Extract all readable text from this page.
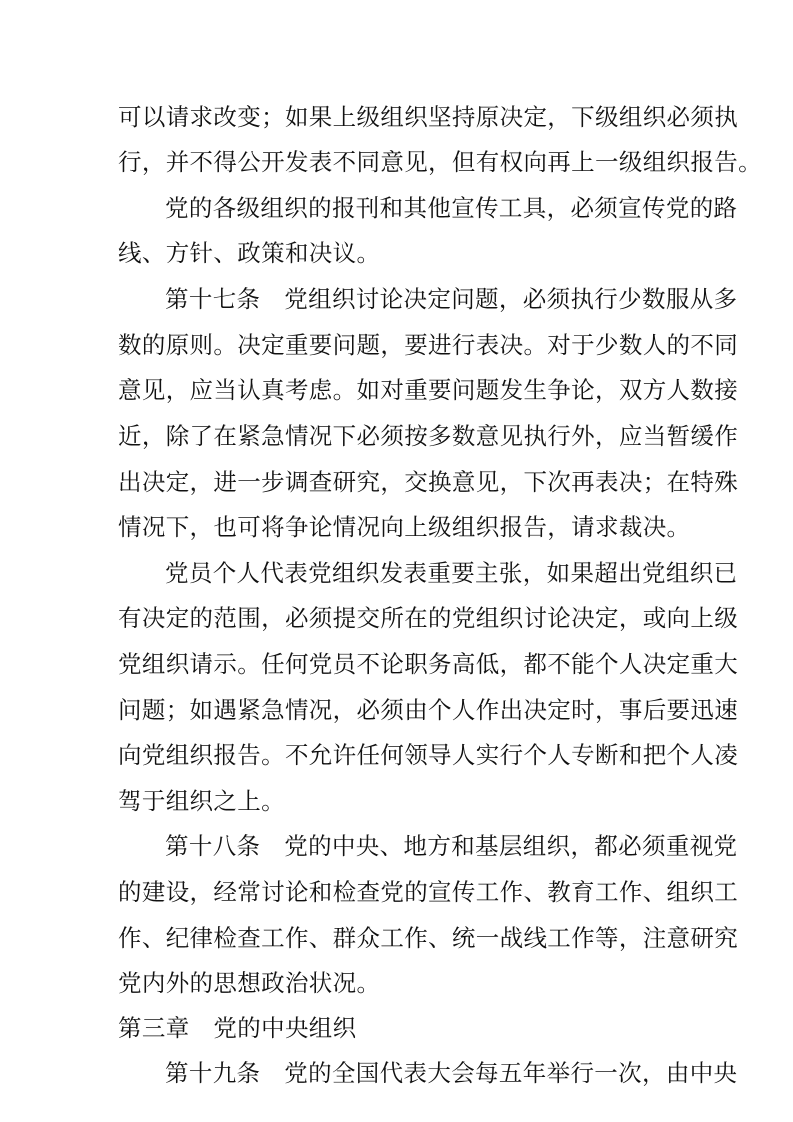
可以请求改变；如果上级组织坚持原决定，下级组织必须执
行，并不得公开发表不同意见，但有权向再上一级组织报告。
党的各级组织的报刊和其他宣传工具，必须宣传党的路
线、方针、政策和决议。
第十七条　党组织讨论决定问题，必须执行少数服从多
数的原则。决定重要问题，要进行表决。对于少数人的不同
意见，应当认真考虑。如对重要问题发生争论，双方人数接
近，除了在紧急情况下必须按多数意见执行外，应当暂缓作
出决定，进一步调查研究，交换意见，下次再表决；在特殊
情况下，也可将争论情况向上级组织报告，请求裁决。
党员个人代表党组织发表重要主张，如果超出党组织已
有决定的范围，必须提交所在的党组织讨论决定，或向上级
党组织请示。任何党员不论职务高低，都不能个人决定重大
问题；如遇紧急情况，必须由个人作出决定时，事后要迅速
向党组织报告。不允许任何领导人实行个人专断和把个人凌
驾于组织之上。
第十八条　党的中央、地方和基层组织，都必须重视党
的建设，经常讨论和检查党的宣传工作、教育工作、组织工
作、纪律检查工作、群众工作、统一战线工作等，注意研究
党内外的思想政治状况。
第三章　党的中央组织
第十九条　党的全国代表大会每五年举行一次，由中央
